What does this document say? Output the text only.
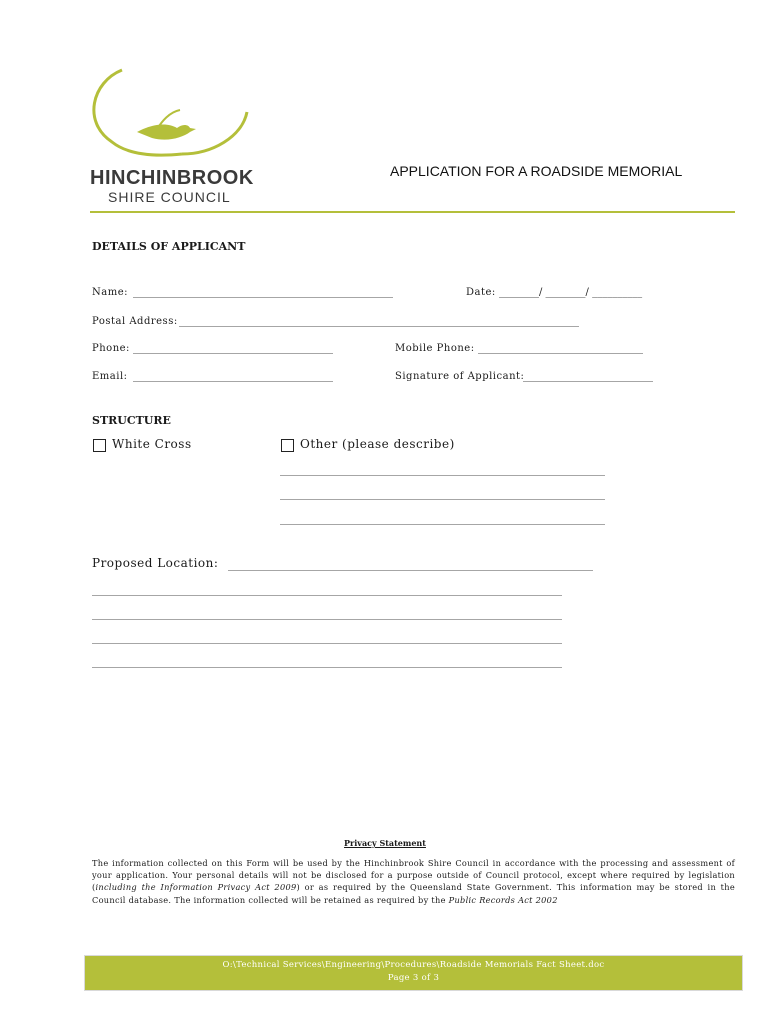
HINCHINBROOK
SHIRE COUNCIL
APPLICATION FOR A ROADSIDE MEMORIAL
DETAILS OF APPLICANT
Name: ____________________________________________________	Date: ________/ ________/ __________
Postal Address: ________________________________________________________________________________
Phone: ________________________________________	Mobile Phone: _________________________________
Email: ________________________________________	Signature of Applicant:
__________________________
STRUCTURE
White Cross	Other (please describe)
_________________________________________________________________
_________________________________________________________________
_________________________________________________________________
Proposed Location: _________________________________________________________________________
______________________________________________________________________________________________
______________________________________________________________________________________________
______________________________________________________________________________________________
______________________________________________________________________________________________
Privacy Statement
The information collected on this Form will be used by the Hinchinbrook Shire Council in accordance with the processing and assessment of your application. Your personal details will not be disclosed for a purpose outside of Council protocol, except where required by legislation (including the Information Privacy Act 2009) or as required by the Queensland State Government. This information may be stored in the Council database. The information collected will be retained as required by the Public Records Act 2002
O:\Technical Services\Engineering\Procedures\Roadside Memorials Fact Sheet.doc
Page 3 of 3
